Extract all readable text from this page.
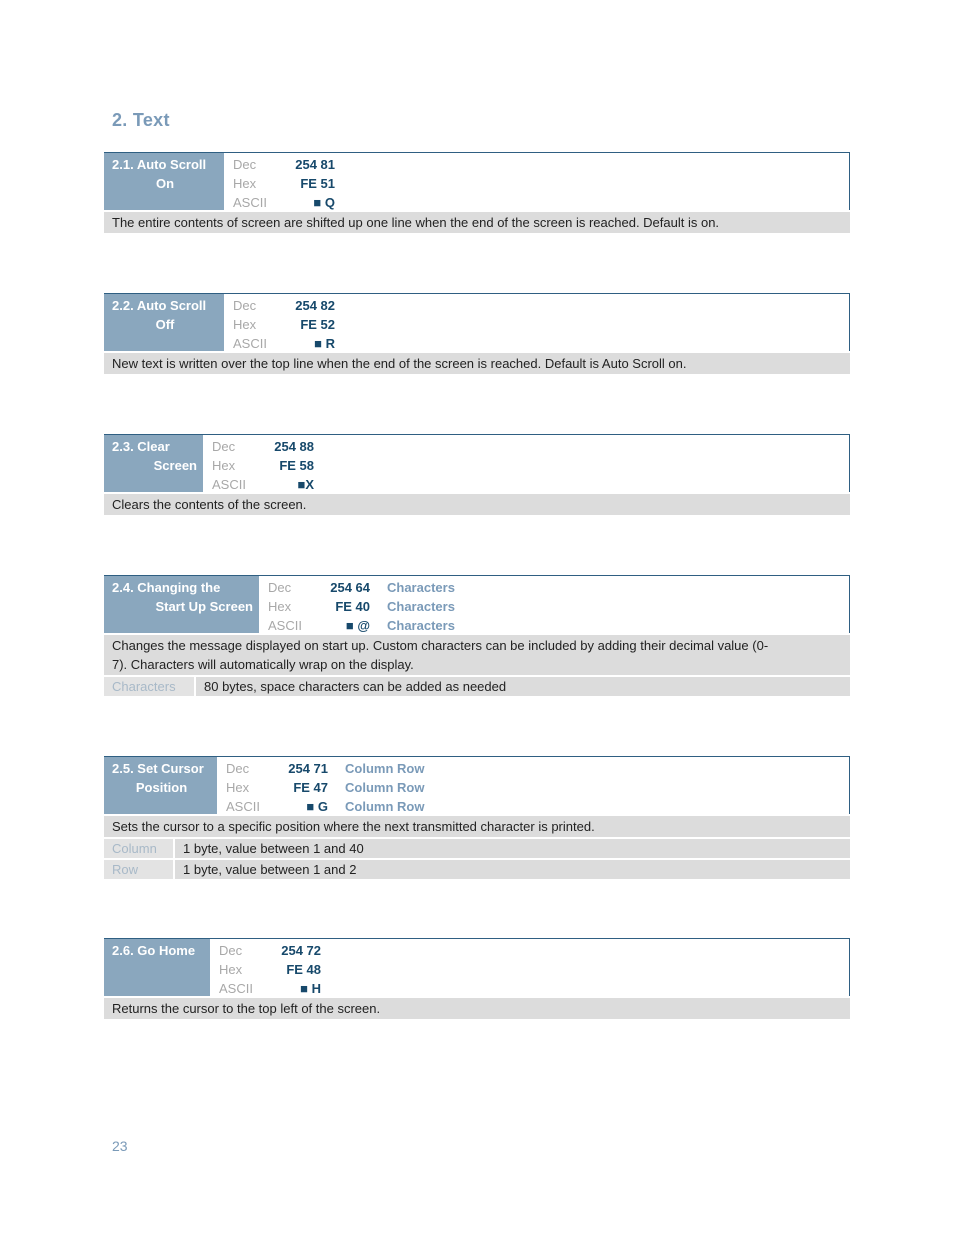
2. Text
2.1. Auto Scroll
On
Dec	254 81
Hex	FE 51
ASCII	■ Q
The entire contents of screen are shifted up one line when the end of the screen is reached. Default is on.
2.2. Auto Scroll
Off
Dec	254 82
Hex	FE 52
ASCII	■ R
New text is written over the top line when the end of the screen is reached. Default is Auto Scroll on.
2.3. Clear
Screen
Dec	254 88
Hex	FE 58
ASCII	■X
Clears the contents of the screen.
2.4. Changing the
Start Up Screen
Dec	254 64 Characters
Hex	FE 40 Characters
ASCII	■ @ Characters
Changes the message displayed on start up. Custom characters can be included by adding their decimal value (0-
7). Characters will automatically wrap on the display.
Characters	80 bytes, space characters can be added as needed
2.5. Set Cursor
Position
Dec	254 71 Column Row
Hex	FE 47 Column Row
ASCII	■ G Column Row
Sets the cursor to a specific position where the next transmitted character is printed.
Column	1 byte, value between 1 and 40
Row	1 byte, value between 1 and 2
2.6. Go Home	Dec	254 72
Hex	FE 48
ASCII	■ H
Returns the cursor to the top left of the screen.
23
